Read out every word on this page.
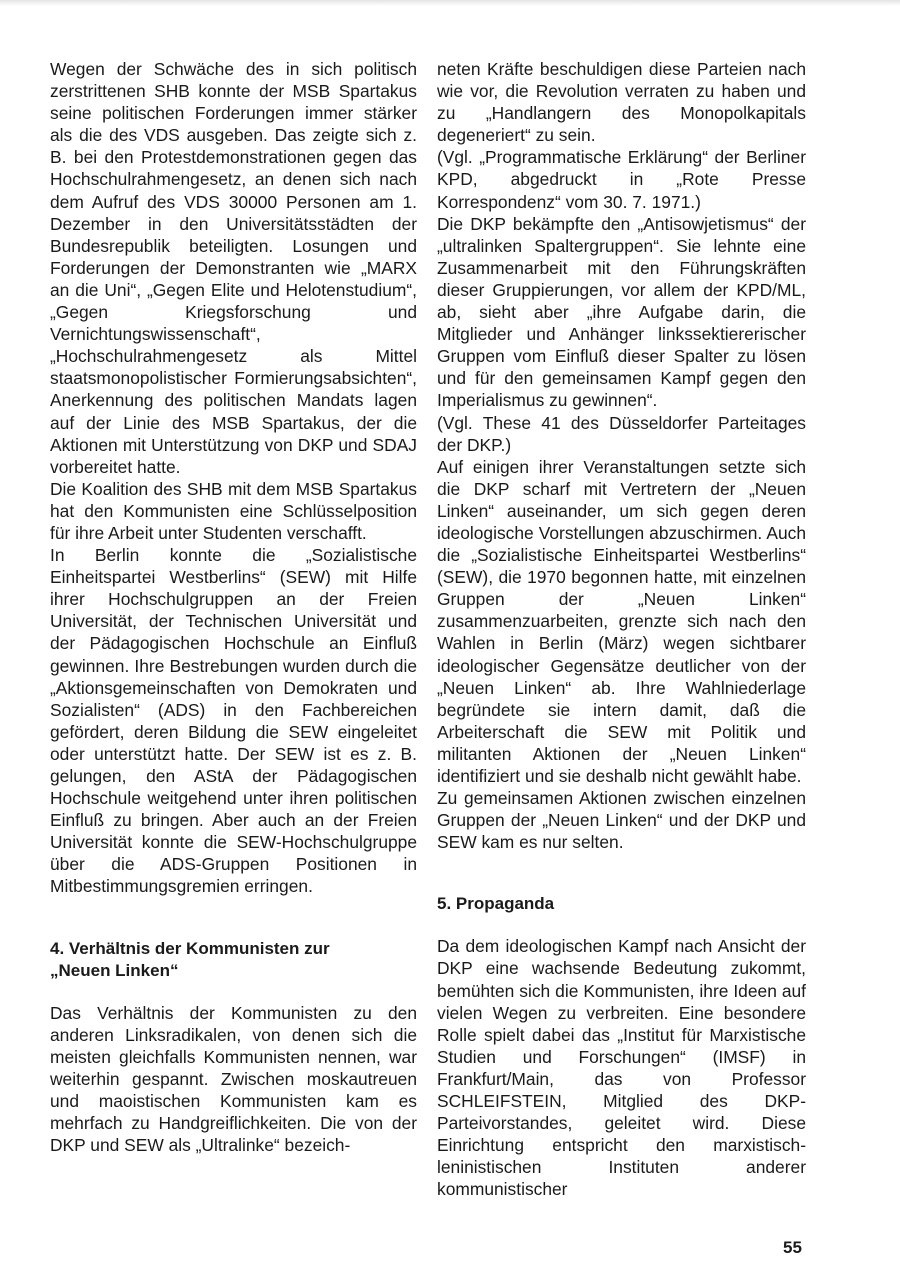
Wegen der Schwäche des in sich politisch zerstrittenen SHB konnte der MSB Spartakus seine politischen Forderungen immer stärker als die des VDS ausgeben. Das zeigte sich z. B. bei den Protestdemonstrationen gegen das Hochschulrahmengesetz, an denen sich nach dem Aufruf des VDS 30000 Personen am 1. Dezember in den Universitätsstädten der Bundesrepublik beteiligten. Losungen und Forderungen der Demonstranten wie „MARX an die Uni“, „Gegen Elite und Helotenstudium“, „Gegen Kriegsforschung und Vernichtungswissenschaft“, „Hochschulrahmengesetz als Mittel staatsmonopolistischer Formierungsabsichten“, Anerkennung des politischen Mandats lagen auf der Linie des MSB Spartakus, der die Aktionen mit Unterstützung von DKP und SDAJ vorbereitet hatte.

Die Koalition des SHB mit dem MSB Spartakus hat den Kommunisten eine Schlüsselposition für ihre Arbeit unter Studenten verschafft.

In Berlin konnte die „Sozialistische Einheitspartei Westberlins“ (SEW) mit Hilfe ihrer Hochschulgruppen an der Freien Universität, der Technischen Universität und der Pädagogischen Hochschule an Einfluß gewinnen. Ihre Bestrebungen wurden durch die „Aktionsgemeinschaften von Demokraten und Sozialisten“ (ADS) in den Fachbereichen gefördert, deren Bildung die SEW eingeleitet oder unterstützt hatte. Der SEW ist es z. B. gelungen, den AStA der Pädagogischen Hochschule weitgehend unter ihren politischen Einfluß zu bringen. Aber auch an der Freien Universität konnte die SEW-Hochschulgruppe über die ADS-Gruppen Positionen in Mitbestimmungsgremien erringen.

4. Verhältnis der Kommunisten zur
„Neuen Linken“

Das Verhältnis der Kommunisten zu den anderen Linksradikalen, von denen sich die meisten gleichfalls Kommunisten nennen, war weiterhin gespannt. Zwischen moskautreuen und maoistischen Kommunisten kam es mehrfach zu Handgreiflichkeiten. Die von der DKP und SEW als „Ultralinke“ bezeich-

neten Kräfte beschuldigen diese Parteien nach wie vor, die Revolution verraten zu haben und zu „Handlangern des Monopolkapitals degeneriert“ zu sein.

(Vgl. „Programmatische Erklärung“ der Berliner KPD, abgedruckt in „Rote Presse Korrespondenz“ vom 30. 7. 1971.)

Die DKP bekämpfte den „Antisowjetismus“ der „ultralinken Spaltergruppen“. Sie lehnte eine Zusammenarbeit mit den Führungskräften dieser Gruppierungen, vor allem der KPD/ML, ab, sieht aber „ihre Aufgabe darin, die Mitglieder und Anhänger linkssektiererischer Gruppen vom Einfluß dieser Spalter zu lösen und für den gemeinsamen Kampf gegen den Imperialismus zu gewinnen“.

(Vgl. These 41 des Düsseldorfer Parteitages der DKP.)

Auf einigen ihrer Veranstaltungen setzte sich die DKP scharf mit Vertretern der „Neuen Linken“ auseinander, um sich gegen deren ideologische Vorstellungen abzuschirmen. Auch die „Sozialistische Einheitspartei Westberlins“ (SEW), die 1970 begonnen hatte, mit einzelnen Gruppen der „Neuen Linken“ zusammenzuarbeiten, grenzte sich nach den Wahlen in Berlin (März) wegen sichtbarer ideologischer Gegensätze deutlicher von der „Neuen Linken“ ab. Ihre Wahlniederlage begründete sie intern damit, daß die Arbeiterschaft die SEW mit Politik und militanten Aktionen der „Neuen Linken“ identifiziert und sie deshalb nicht gewählt habe.

Zu gemeinsamen Aktionen zwischen einzelnen Gruppen der „Neuen Linken“ und der DKP und SEW kam es nur selten.

5. Propaganda

Da dem ideologischen Kampf nach Ansicht der DKP eine wachsende Bedeutung zukommt, bemühten sich die Kommunisten, ihre Ideen auf vielen Wegen zu verbreiten. Eine besondere Rolle spielt dabei das „Institut für Marxistische Studien und Forschungen“ (IMSF) in Frankfurt/Main, das von Professor SCHLEIFSTEIN, Mitglied des DKP-Parteivorstandes, geleitet wird. Diese Einrichtung entspricht den marxistisch-leninistischen Instituten anderer kommunistischer

55
